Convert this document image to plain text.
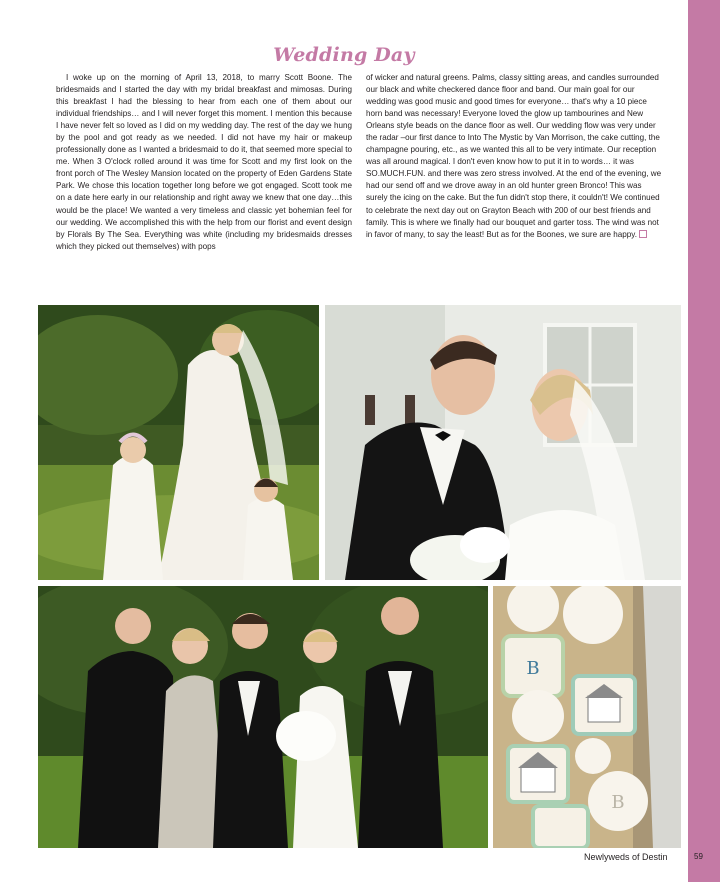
Wedding Day

I woke up on the morning of April 13, 2018, to marry Scott Boone. The bridesmaids and I started the day with my bridal breakfast and mimosas. During this breakfast I had the blessing to hear from each one of them about our individual friendships… and I will never forget this moment. I mention this because I have never felt so loved as I did on my wedding day. The rest of the day we hung by the pool and got ready as we needed. I did not have my hair or makeup professionally done as I wanted a bridesmaid to do it, that seemed more special to me. When 3 O'clock rolled around it was time for Scott and my first look on the front porch of The Wesley Mansion located on the property of Eden Gardens State Park. We chose this location together long before we got engaged. Scott took me on a date here early in our relationship and right away we knew that one day…this would be the place! We wanted a very timeless and classic yet bohemian feel for our wedding. We accomplished this with the help from our florist and event design by Florals By The Sea. Everything was white (including my bridesmaids dresses which they picked out themselves) with pops

of wicker and natural greens. Palms, classy sitting areas, and candles surrounded our black and white checkered dance floor and band. Our main goal for our wedding was good music and good times for everyone… that's why a 10 piece horn band was necessary! Everyone loved the glow up tambourines and New Orleans style beads on the dance floor as well. Our wedding flow was very under the radar –our first dance to Into The Mystic by Van Morrison, the cake cutting, the champagne pouring, etc., as we wanted this all to be very intimate. Our reception was all around magical. I don't even know how to put it in to words… it was SO.MUCH.FUN. and there was zero stress involved. At the end of the evening, we had our send off and we drove away in an old hunter green Bronco! This was surely the icing on the cake. But the fun didn't stop there, it couldn't! We continued to celebrate the next day out on Grayton Beach with 200 of our best friends and family. This is where we finally had our bouquet and garter toss. The wind was not in favor of many, to say the least! But as for the Boones, we sure are happy.

B
B
Newlyweds of Destin	59
